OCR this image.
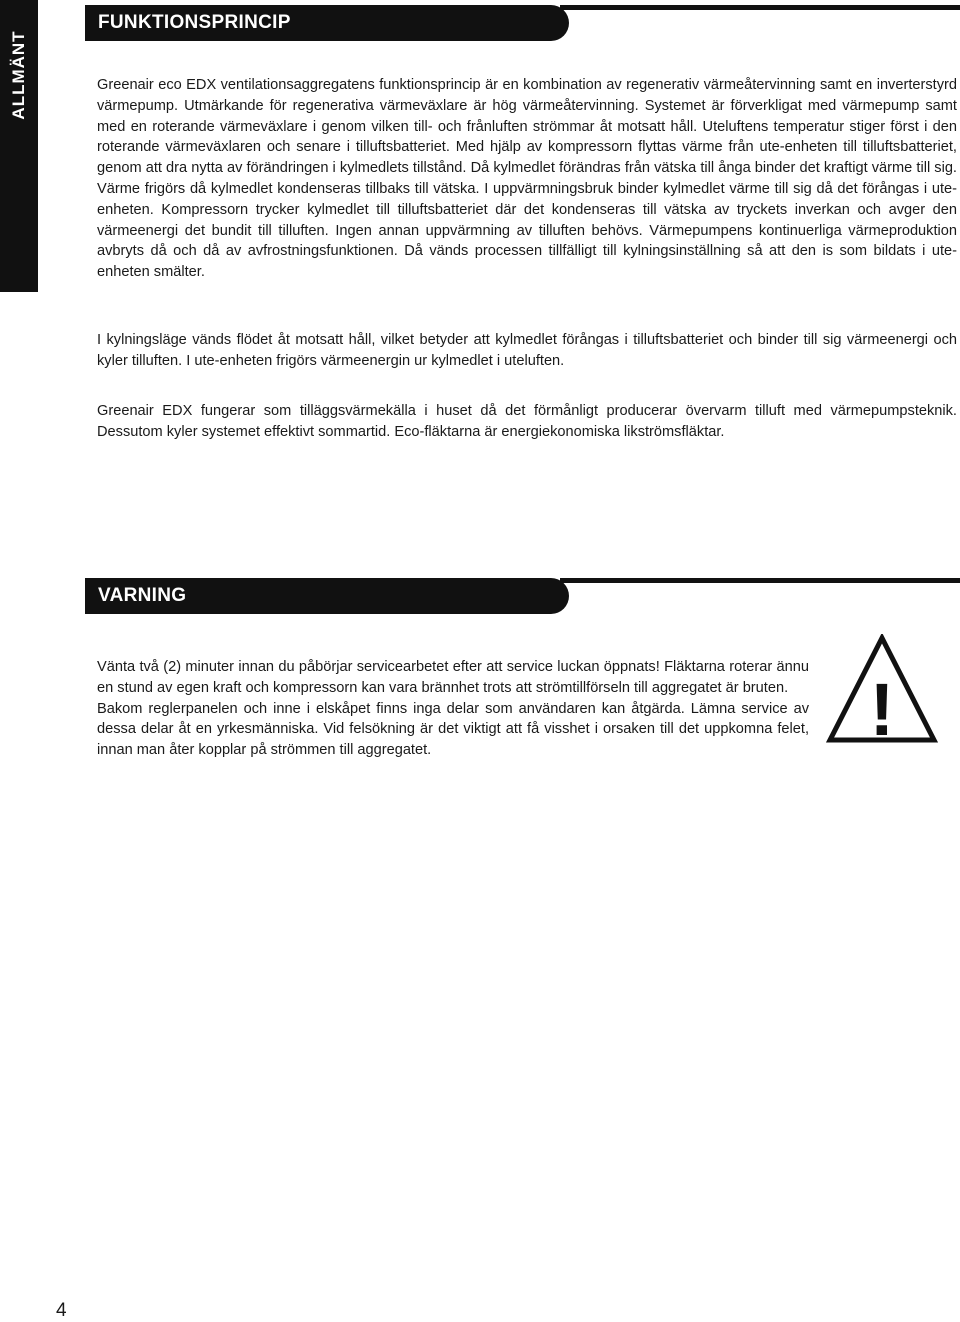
ALLMÄNT
FUNKTIONSPRINCIP

Greenair eco EDX ventilationsaggregatens funktionsprincip är en kombination av regenerativ värmeåtervinning samt en inverterstyrd värmepump. Utmärkande för regenerativa värmeväxlare är hög värmeåtervinning. Systemet är förverkligat med värmepump samt med en roterande värmeväxlare i genom vilken till- och frånluften strömmar åt motsatt håll. Uteluftens temperatur stiger först i den roterande värmeväxlaren och senare i tilluftsbatteriet. Med hjälp av kompressorn flyttas värme från ute-enheten till tilluftsbatteriet, genom att dra nytta av förändringen i kylmedlets tillstånd. Då kylmedlet förändras från vätska till ånga binder det kraftigt värme till sig. Värme frigörs då kylmedlet kondenseras tillbaks till vätska. I uppvärmningsbruk binder kylmedlet värme till sig då det förångas i ute-enheten. Kompressorn trycker kylmedlet till tilluftsbatteriet där det kondenseras till vätska av tryckets inverkan och avger den värmeenergi det bundit till tilluften. Ingen annan uppvärmning av tilluften behövs. Värmepumpens kontinuerliga värmeproduktion avbryts då och då av avfrostningsfunktionen. Då vänds processen tillfälligt till kylningsinställning så att den is som bildats i ute-enheten smälter.

I kylningsläge vänds flödet åt motsatt håll, vilket betyder att kylmedlet förångas i tilluftsbatteriet och binder till sig värmeenergi och kyler tilluften. I ute-enheten frigörs värmeenergin ur kylmedlet i uteluften.

Greenair EDX fungerar som tilläggsvärmekälla i huset då det förmånligt producerar övervarm tilluft med värmepumpsteknik. Dessutom kyler systemet effektivt sommartid. Eco-fläktarna är energiekonomiska likströmsfläktar.

VARNING

Vänta två (2) minuter innan du påbörjar servicearbetet efter att service luckan öppnats! Fläktarna roterar ännu en stund av egen kraft och kompressorn kan vara brännhet trots att strömtillförseln till aggregatet är bruten.

Bakom reglerpanelen och inne i elskåpet finns inga delar som användaren kan åtgärda. Lämna service av dessa delar åt en yrkesmänniska. Vid felsökning är det viktigt att få visshet i orsaken till det uppkomna felet, innan man åter kopplar på strömmen till aggregatet.	!
4
